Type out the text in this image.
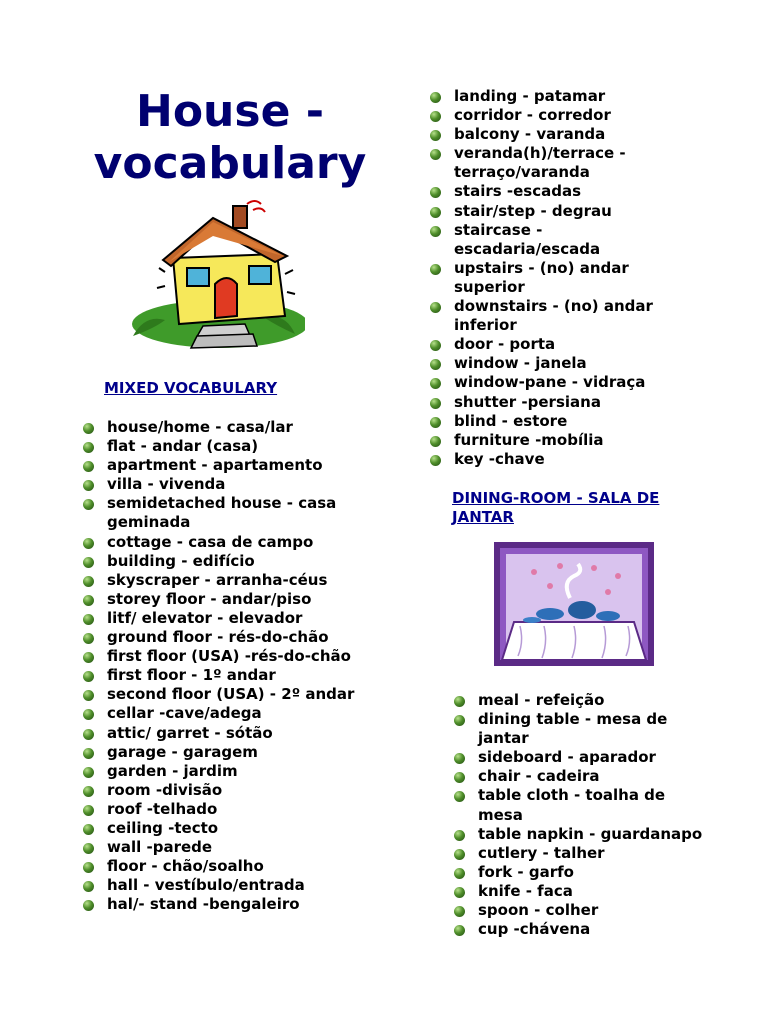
House -
vocabulary
MIXED VOCABULARY
house/home - casa/lar
flat - andar (casa)
apartment - apartamento
villa - vivenda
semidetached house - casa geminada
cottage - casa de campo
building - edifício
skyscraper - arranha-céus
storey floor - andar/piso
litf/ elevator - elevador
ground floor - rés-do-chão
first floor (USA) -rés-do-chão
first floor - 1º andar
second floor (USA) - 2º andar
cellar -cave/adega
attic/ garret - sótão
garage - garagem
garden - jardim
room -divisão
roof -telhado
ceiling -tecto
wall -parede
floor - chão/soalho
hall - vestíbulo/entrada
hal/- stand -bengaleiro
landing - patamar
corridor - corredor
balcony - varanda
veranda(h)/terrace - terraço/varanda
stairs -escadas
stair/step - degrau
staircase - escadaria/escada
upstairs - (no) andar superior
downstairs - (no) andar inferior
door - porta
window - janela
window-pane - vidraça
shutter -persiana
blind - estore
furniture -mobília
key -chave
DINING-ROOM - SALA DE JANTAR
meal - refeição
dining table - mesa de jantar
sideboard - aparador
chair - cadeira
table cloth - toalha de mesa
table napkin - guardanapo
cutlery - talher
fork - garfo
knife - faca
spoon - colher
cup -chávena
